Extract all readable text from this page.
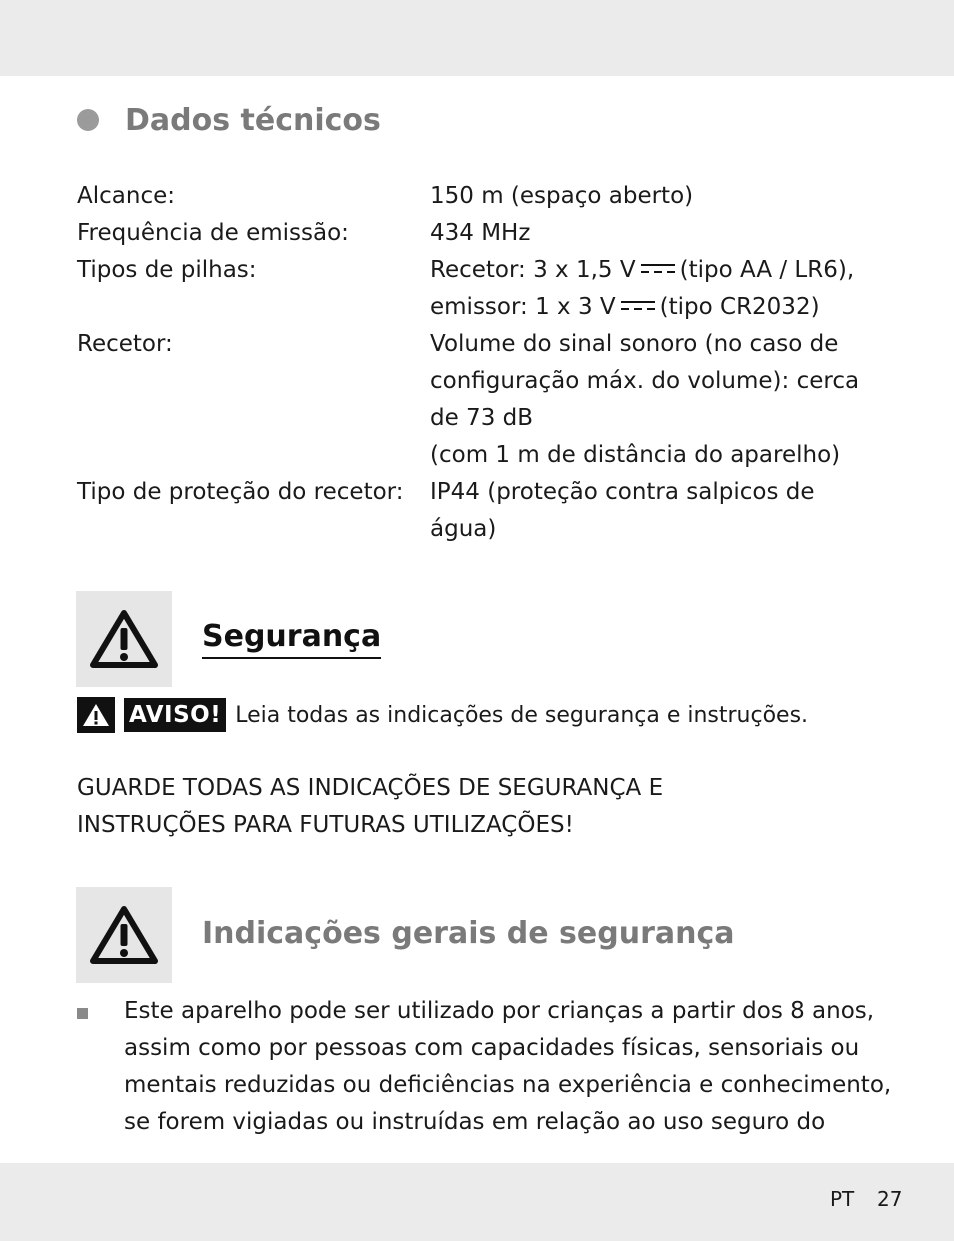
Dados técnicos
Alcance:	150 m (espaço aberto)
Frequência de emissão:	434 MHz
Tipos de pilhas:	Recetor: 3 x 1,5 V (tipo AA / LR6),
emissor: 1 x 3 V (tipo CR2032)
Recetor:	Volume do sinal sonoro (no caso de
configuração máx. do volume): cerca
de 73 dB
(com 1 m de distância do aparelho)
Tipo de proteção do recetor:	IP44 (proteção contra salpicos de
água)
Segurança
AVISO! Leia todas as indicações de segurança e instruções.
GUARDE TODAS AS INDICAÇÕES DE SEGURANÇA E
INSTRUÇÕES PARA FUTURAS UTILIZAÇÕES!
Indicações gerais de segurança
Este aparelho pode ser utilizado por crianças a partir dos 8 anos,
assim como por pessoas com capacidades físicas, sensoriais ou
mentais reduzidas ou deficiências na experiência e conhecimento,
se forem vigiadas ou instruídas em relação ao uso seguro do
PT 27
